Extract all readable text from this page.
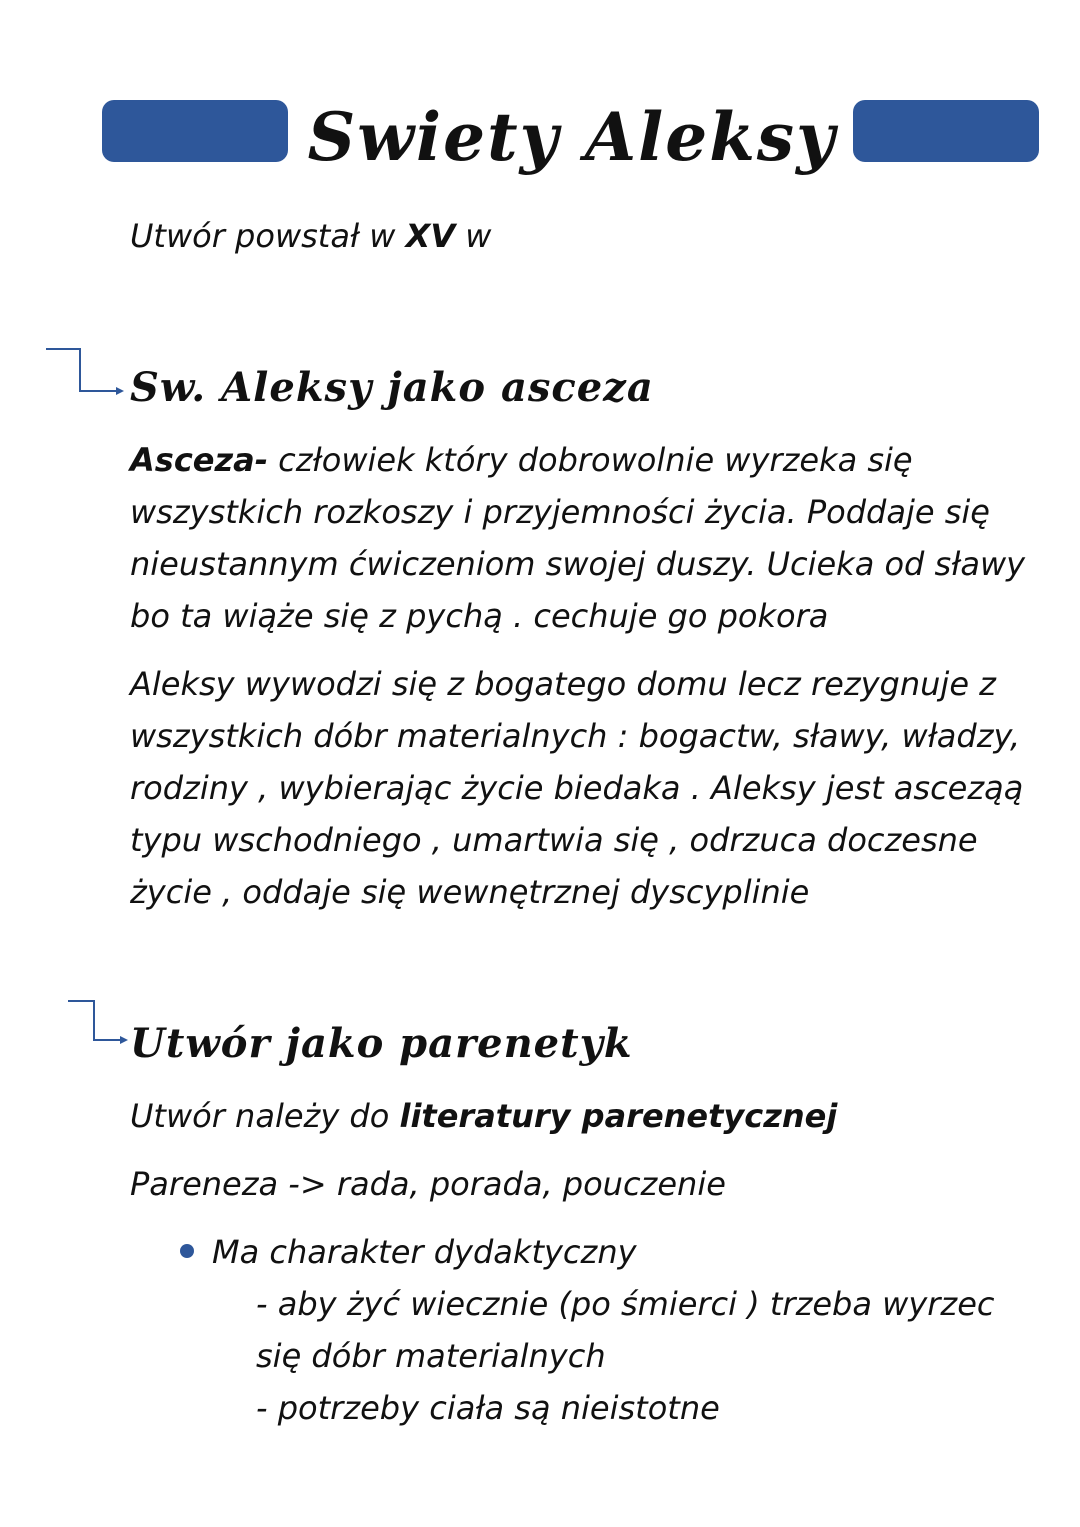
Swiety Aleksy

Utwór powstał w XV w

Sw. Aleksy jako asceza

Asceza- człowiek który dobrowolnie wyrzeka się wszystkich rozkoszy i przyjemności życia. Poddaje się nieustannym ćwiczeniom swojej duszy. Ucieka od sławy bo ta wiąże się z pychą . cechuje go pokora

Aleksy wywodzi się z bogatego domu lecz rezygnuje z wszystkich dóbr materialnych : bogactw, sławy, władzy, rodziny , wybierając życie biedaka . Aleksy jest asceząą typu wschodniego , umartwia się , odrzuca doczesne życie , oddaje się wewnętrznej dyscyplinie

Utwór jako parenetyk

Utwór należy do literatury parenetycznej

Pareneza -> rada, porada, pouczenie

Ma charakter dydaktyczny

- aby żyć wiecznie (po śmierci ) trzeba wyrzec się dóbr materialnych

- potrzeby ciała są nieistotne
